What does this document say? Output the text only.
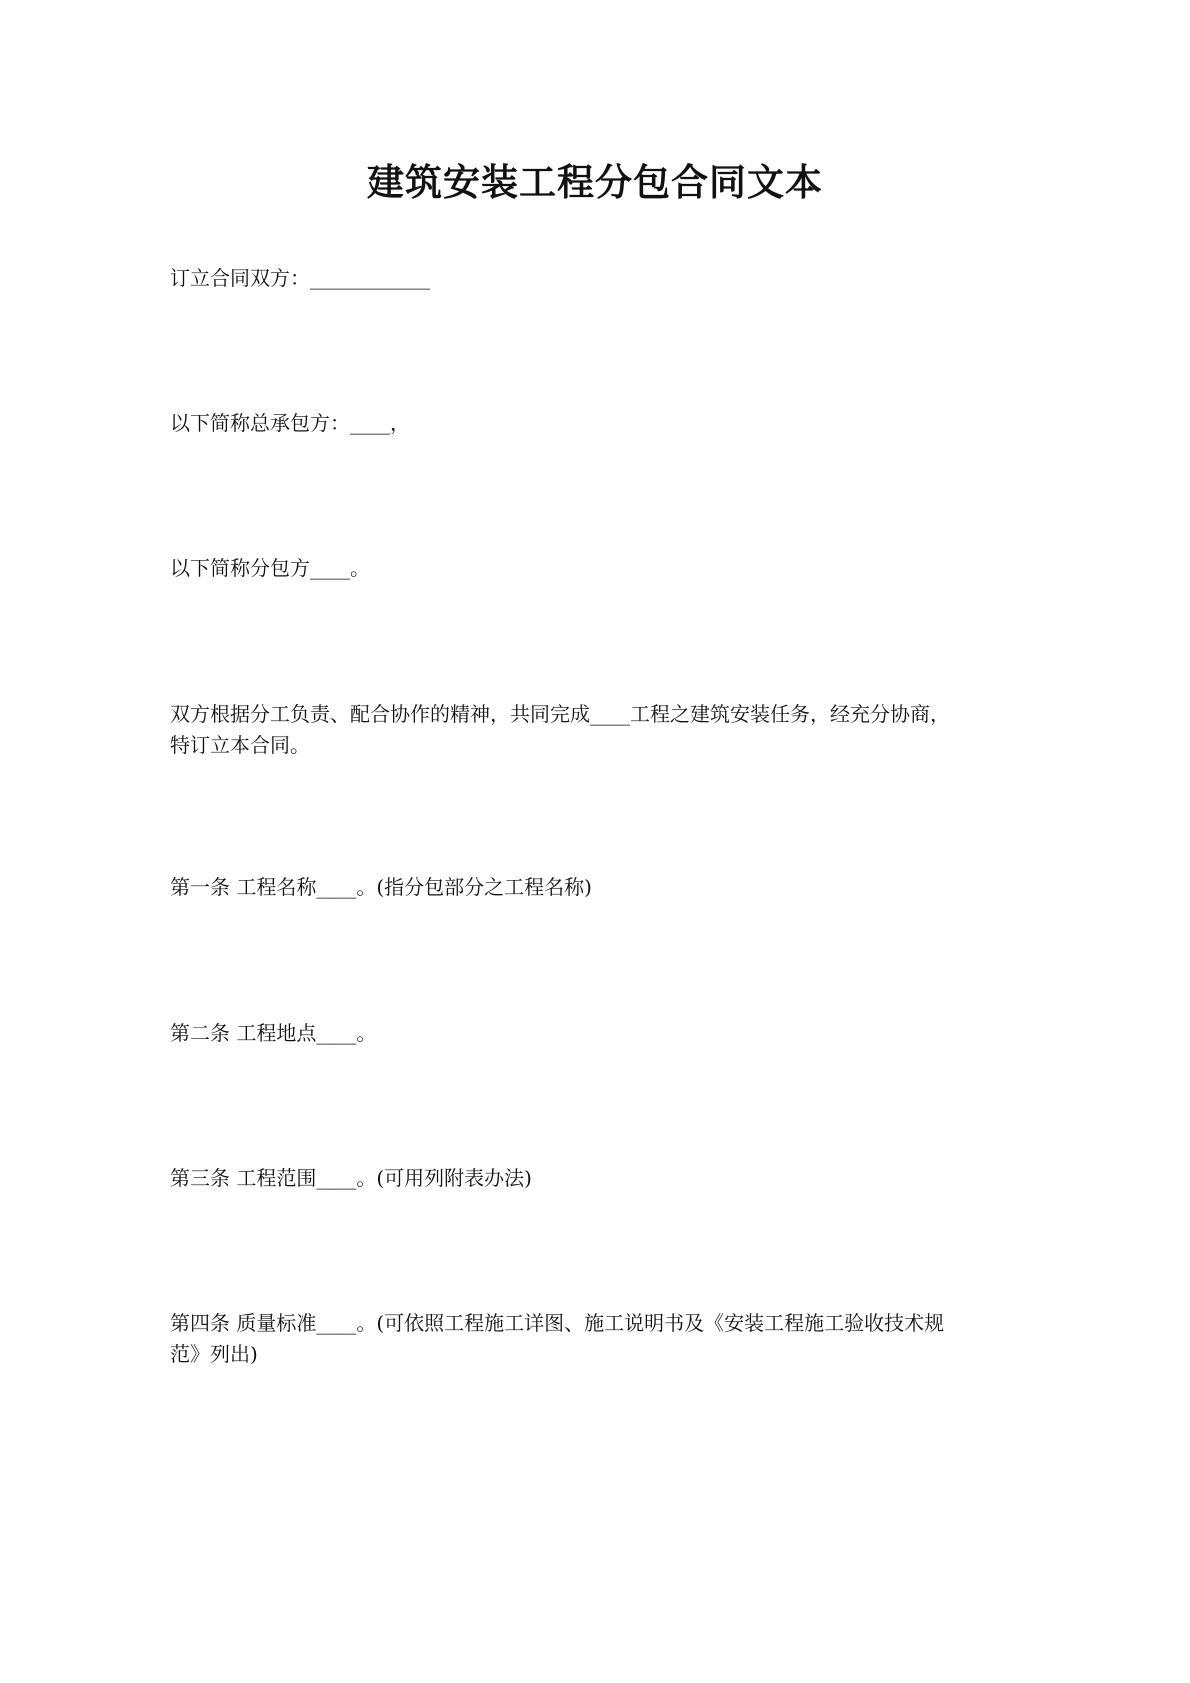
建筑安装工程分包合同文本

订立合同双方：____________

以下简称总承包方：____，

以下简称分包方____。

双方根据分工负责、配合协作的精神，共同完成____工程之建筑安装任务，经充分协商，特订立本合同。

第一条 工程名称____。(指分包部分之工程名称)

第二条 工程地点____。

第三条 工程范围____。(可用列附表办法)

第四条 质量标准____。(可依照工程施工详图、施工说明书及《安装工程施工验收技术规范》列出)
